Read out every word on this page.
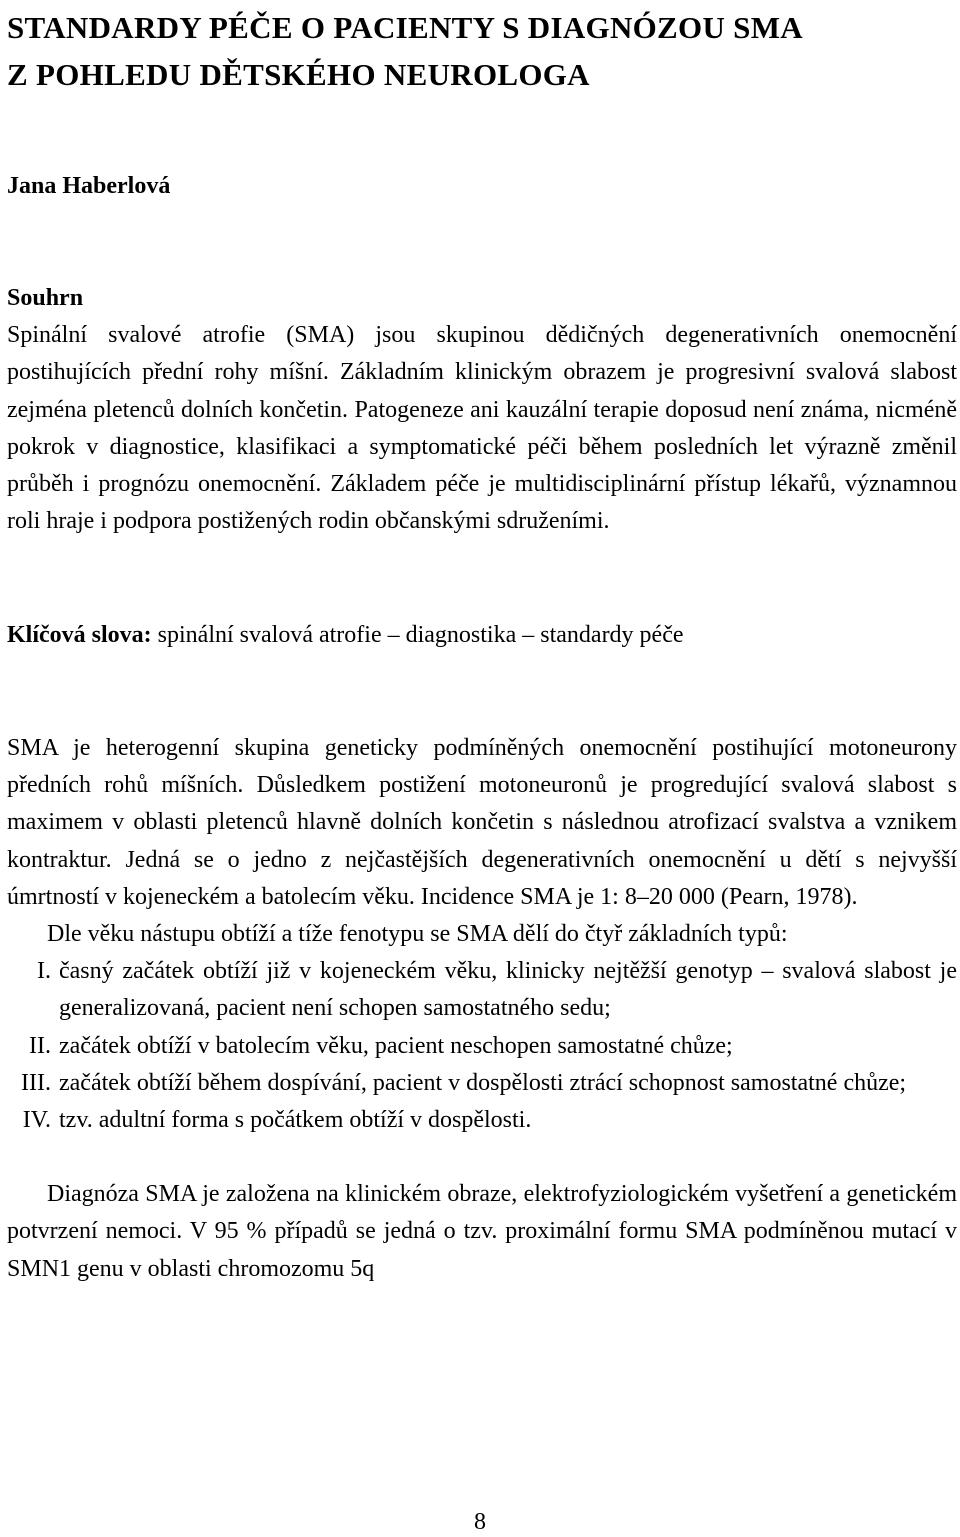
STANDARDY PÉČE O PACIENTY S DIAGNÓZOU SMA
Z POHLEDU DĚTSKÉHO NEUROLOGA

Jana Haberlová

Souhrn

Spinální svalové atrofie (SMA) jsou skupinou dědičných degenerativních onemocnění postihujících přední rohy míšní. Základním klinickým obrazem je progresivní svalová slabost zejména pletenců dolních končetin. Patogeneze ani kauzální terapie doposud není známa, nicméně pokrok v diagnostice, klasifikaci a symptomatické péči během posledních let výrazně změnil průběh i prognózu onemocnění. Základem péče je multidisciplinární přístup lékařů, významnou roli hraje i podpora postižených rodin občanskými sdruženími.

Klíčová slova: spinální svalová atrofie – diagnostika – standardy péče

SMA je heterogenní skupina geneticky podmíněných onemocnění postihující motoneurony předních rohů míšních. Důsledkem postižení motoneuronů je progredující svalová slabost s maximem v oblasti pletenců hlavně dolních končetin s následnou atrofizací svalstva a vznikem kontraktur. Jedná se o jedno z nejčastějších degenerativních onemocnění u dětí s nejvyšší úmrtností v kojeneckém a batolecím věku. Incidence SMA je 1: 8–20 000 (Pearn, 1978).

Dle věku nástupu obtíží a tíže fenotypu se SMA dělí do čtyř základních typů:

I. časný začátek obtíží již v kojeneckém věku, klinicky nejtěžší genotyp – svalová slabost je generalizovaná, pacient není schopen samostatného sedu;
II. začátek obtíží v batolecím věku, pacient neschopen samostatné chůze;
III. začátek obtíží během dospívání, pacient v dospělosti ztrácí schopnost samostatné chůze;
IV. tzv. adultní forma s počátkem obtíží v dospělosti.

Diagnóza SMA je založena na klinickém obraze, elektrofyziologickém vyšetření a genetickém potvrzení nemoci. V 95 % případů se jedná o tzv. proximální formu SMA podmíněnou mutací v SMN1 genu v oblasti chromozomu 5q

8
